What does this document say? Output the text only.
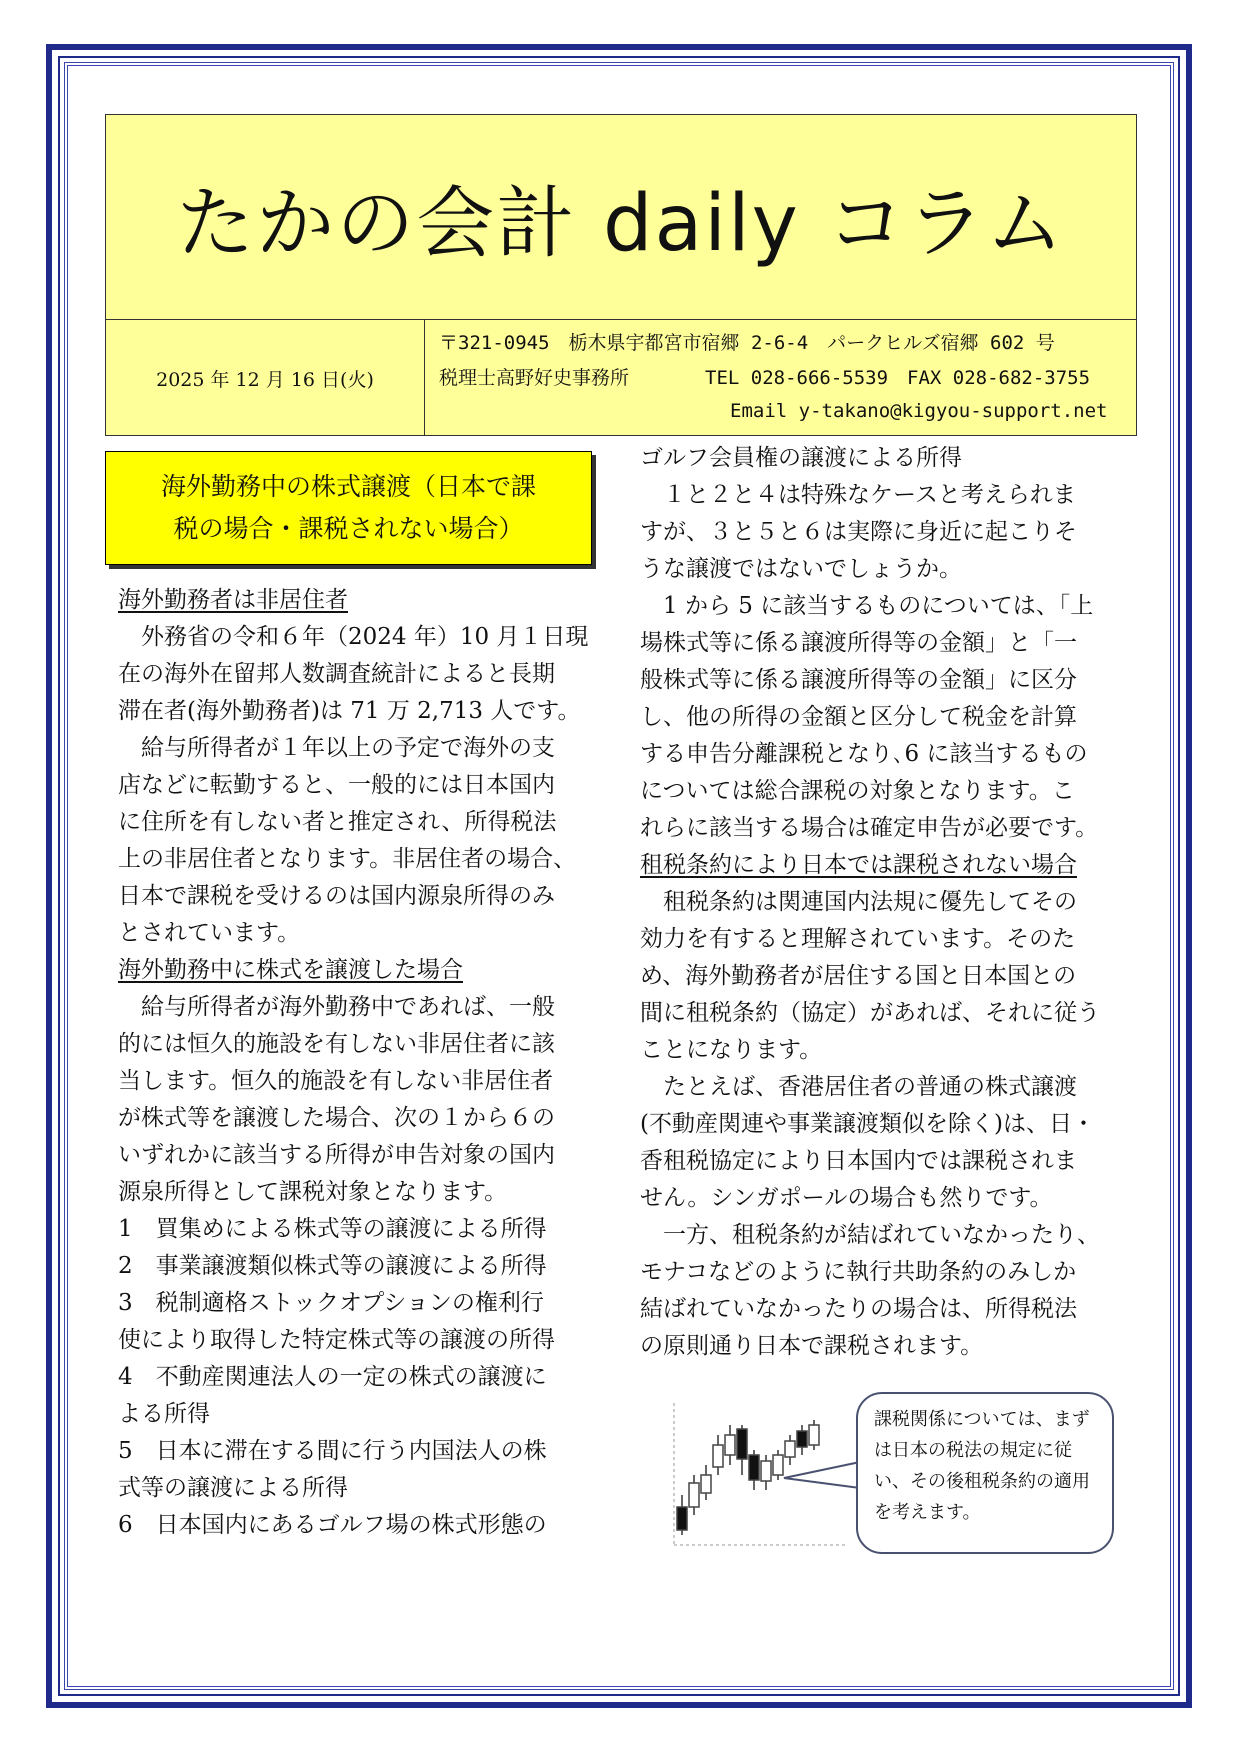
たかの会計 daily コラム
2025 年 12 月 16 日(火)
〒321-0945　栃木県宇都宮市宿郷 2-6-4　パークヒルズ宿郷 602 号
税理士高野好史事務所　　　　TEL 028-666-5539　FAX 028-682-3755
Email y-takano@kigyou-support.net
海外勤務中の株式譲渡（日本で課
税の場合・課税されない場合）

海外勤務者は非居住者

　外務省の令和６年（2024 年）10 月１日現

在の海外在留邦人数調査統計によると長期

滞在者(海外勤務者)は 71 万 2,713 人です。

　給与所得者が１年以上の予定で海外の支

店などに転勤すると、一般的には日本国内

に住所を有しない者と推定され、所得税法

上の非居住者となります。非居住者の場合、

日本で課税を受けるのは国内源泉所得のみ

とされています。

海外勤務中に株式を譲渡した場合

　給与所得者が海外勤務中であれば、一般

的には恒久的施設を有しない非居住者に該

当します。恒久的施設を有しない非居住者

が株式等を譲渡した場合、次の１から６の

いずれかに該当する所得が申告対象の国内

源泉所得として課税対象となります。

1　買集めによる株式等の譲渡による所得

2　事業譲渡類似株式等の譲渡による所得

3　税制適格ストックオプションの権利行

使により取得した特定株式等の譲渡の所得

4　不動産関連法人の一定の株式の譲渡に

よる所得

5　日本に滞在する間に行う内国法人の株

式等の譲渡による所得

6　日本国内にあるゴルフ場の株式形態の

ゴルフ会員権の譲渡による所得

　１と２と４は特殊なケースと考えられま

すが、３と５と６は実際に身近に起こりそ

うな譲渡ではないでしょうか。

　1 から 5 に該当するものについては、「上

場株式等に係る譲渡所得等の金額」と「一

般株式等に係る譲渡所得等の金額」に区分

し、他の所得の金額と区分して税金を計算

する申告分離課税となり､6 に該当するもの

については総合課税の対象となります。こ

れらに該当する場合は確定申告が必要です。

租税条約により日本では課税されない場合

　租税条約は関連国内法規に優先してその

効力を有すると理解されています。そのた

め、海外勤務者が居住する国と日本国との

間に租税条約（協定）があれば、それに従う

ことになります。

　たとえば、香港居住者の普通の株式譲渡

(不動産関連や事業譲渡類似を除く)は、日・

香租税協定により日本国内では課税されま

せん。シンガポールの場合も然りです。

　一方、租税条約が結ばれていなかったり、

モナコなどのように執行共助条約のみしか

結ばれていなかったりの場合は、所得税法

の原則通り日本で課税されます。

課税関係については、まず
は日本の税法の規定に従
い、その後租税条約の適用
を考えます。
